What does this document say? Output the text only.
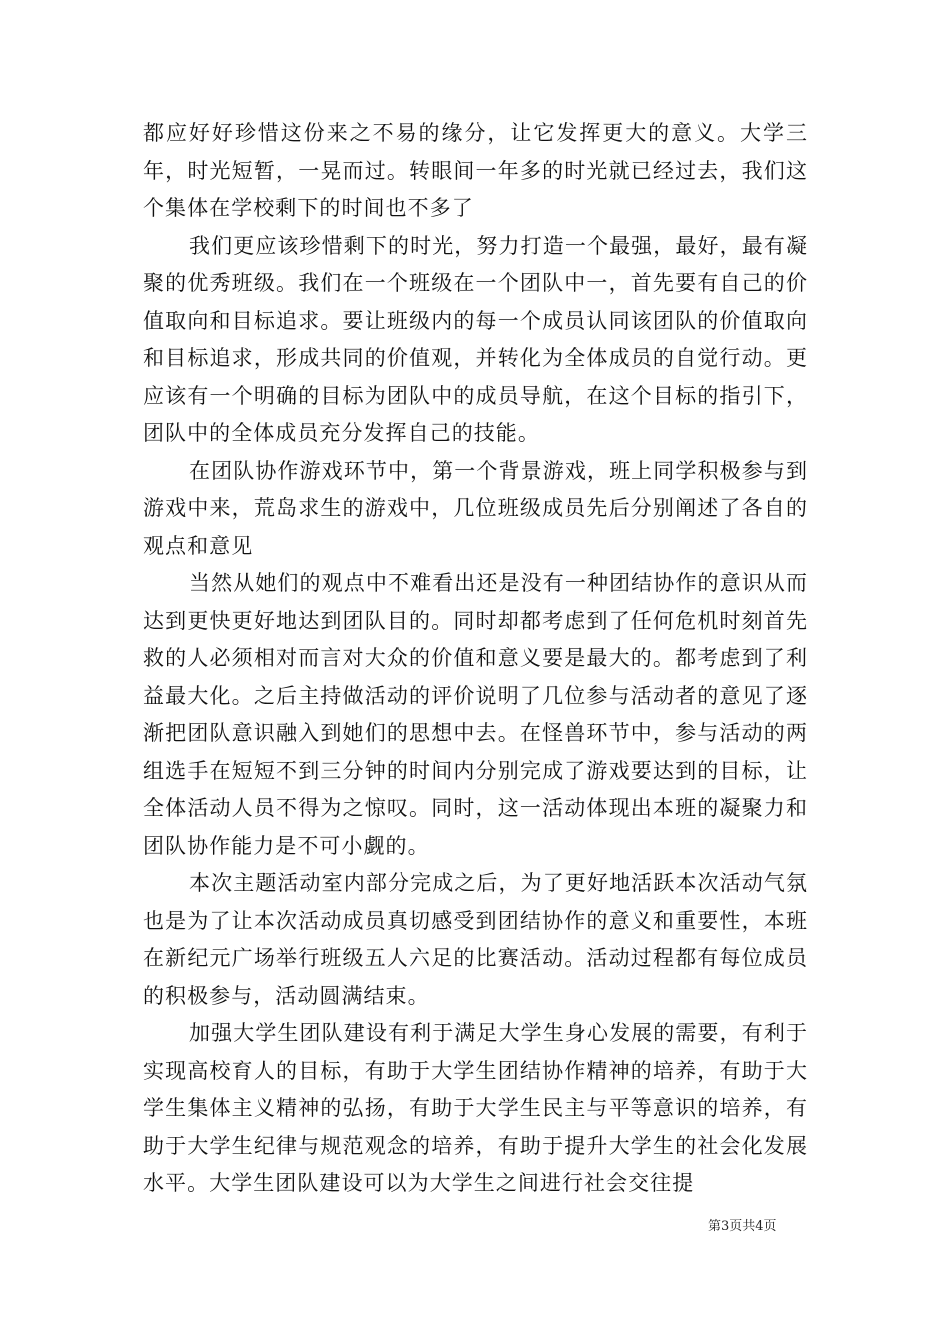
都应好好珍惜这份来之不易的缘分，让它发挥更大的意义。大学三年，时光短暂，一晃而过。转眼间一年多的时光就已经过去，我们这个集体在学校剩下的时间也不多了

我们更应该珍惜剩下的时光，努力打造一个最强，最好，最有凝聚的优秀班级。我们在一个班级在一个团队中一，首先要有自己的价值取向和目标追求。要让班级内的每一个成员认同该团队的价值取向和目标追求，形成共同的价值观，并转化为全体成员的自觉行动。更应该有一个明确的目标为团队中的成员导航，在这个目标的指引下，团队中的全体成员充分发挥自己的技能。

在团队协作游戏环节中，第一个背景游戏，班上同学积极参与到游戏中来，荒岛求生的游戏中，几位班级成员先后分别阐述了各自的观点和意见

当然从她们的观点中不难看出还是没有一种团结协作的意识从而达到更快更好地达到团队目的。同时却都考虑到了任何危机时刻首先救的人必须相对而言对大众的价值和意义要是最大的。都考虑到了利益最大化。之后主持做活动的评价说明了几位参与活动者的意见了逐渐把团队意识融入到她们的思想中去。在怪兽环节中，参与活动的两组选手在短短不到三分钟的时间内分别完成了游戏要达到的目标，让全体活动人员不得为之惊叹。同时，这一活动体现出本班的凝聚力和团队协作能力是不可小觑的。

本次主题活动室内部分完成之后，为了更好地活跃本次活动气氛也是为了让本次活动成员真切感受到团结协作的意义和重要性，本班在新纪元广场举行班级五人六足的比赛活动。活动过程都有每位成员的积极参与，活动圆满结束。

加强大学生团队建设有利于满足大学生身心发展的需要，有利于实现高校育人的目标，有助于大学生团结协作精神的培养，有助于大学生集体主义精神的弘扬，有助于大学生民主与平等意识的培养，有助于大学生纪律与规范观念的培养，有助于提升大学生的社会化发展水平。大学生团队建设可以为大学生之间进行社会交往提

第3页共4页
